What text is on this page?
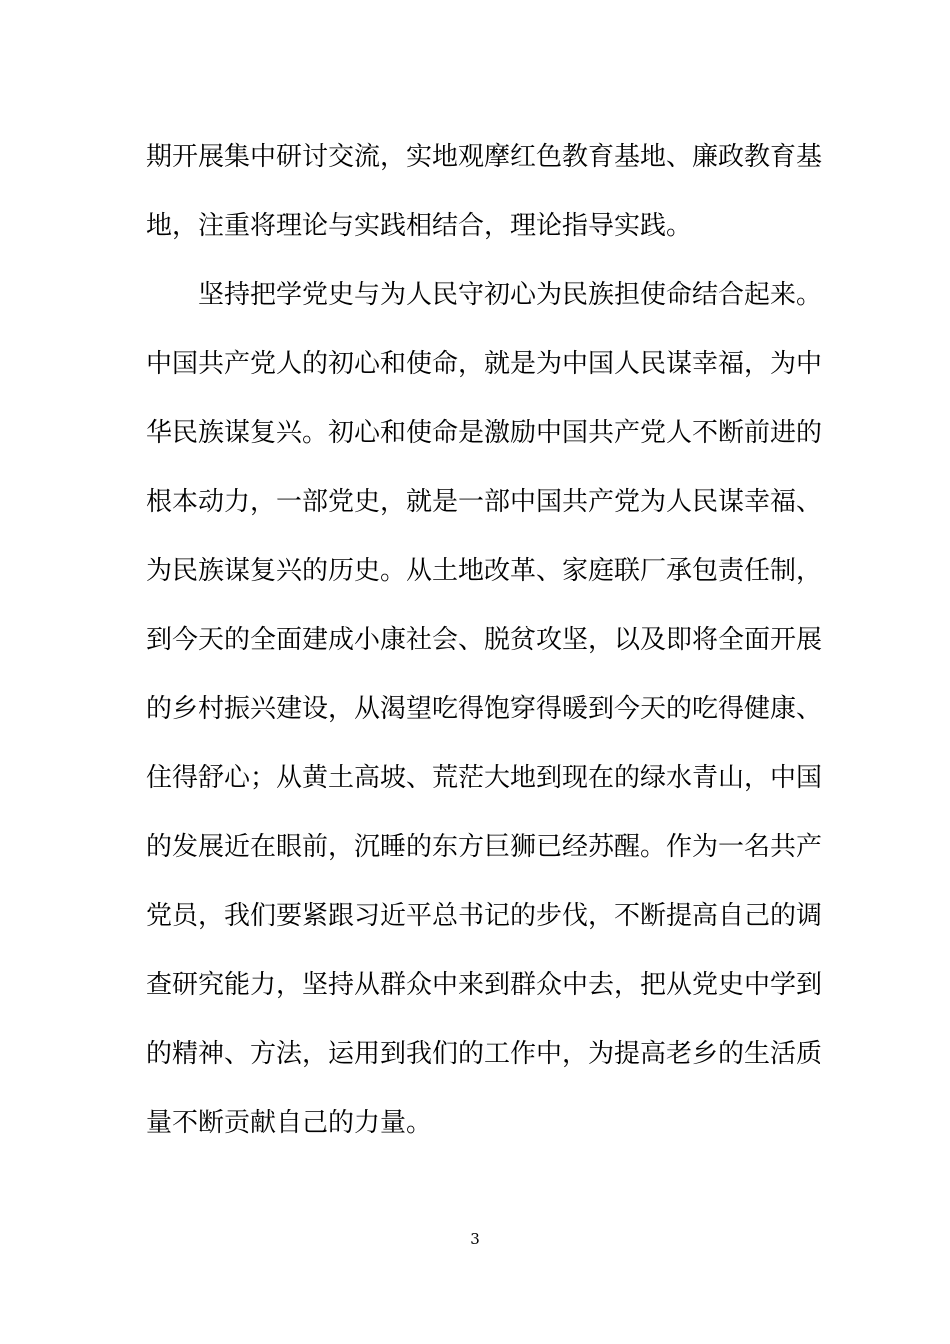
期开展集中研讨交流，实地观摩红色教育基地、廉政教育基
地，注重将理论与实践相结合，理论指导实践。
坚持把学党史与为人民守初心为民族担使命结合起来。
中国共产党人的初心和使命，就是为中国人民谋幸福，为中
华民族谋复兴。初心和使命是激励中国共产党人不断前进的
根本动力，一部党史，就是一部中国共产党为人民谋幸福、
为民族谋复兴的历史。从土地改革、家庭联厂承包责任制，
到今天的全面建成小康社会、脱贫攻坚，以及即将全面开展
的乡村振兴建设，从渴望吃得饱穿得暖到今天的吃得健康、
住得舒心；从黄土高坡、荒茫大地到现在的绿水青山，中国
的发展近在眼前，沉睡的东方巨狮已经苏醒。作为一名共产
党员，我们要紧跟习近平总书记的步伐，不断提高自己的调
查研究能力，坚持从群众中来到群众中去，把从党史中学到
的精神、方法，运用到我们的工作中，为提高老乡的生活质
量不断贡献自己的力量。
3
